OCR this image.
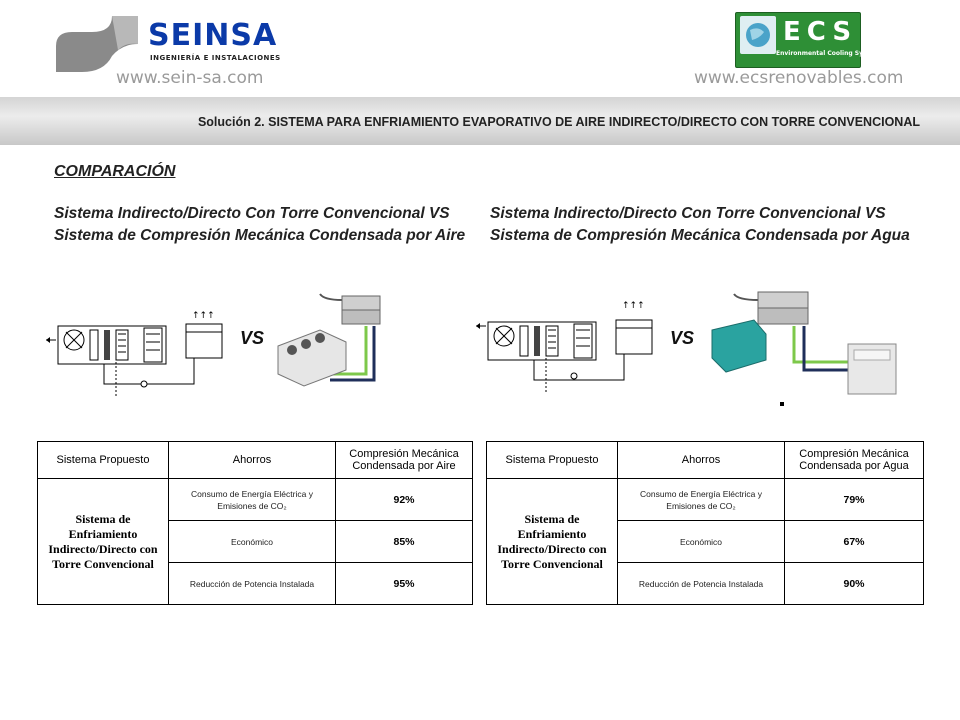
SEINSA
INGENIERÍA E INSTALACIONES
www.sein-sa.com
ECS
Environmental Cooling Systems
www.ecsrenovables.com
Solución 2. SISTEMA PARA ENFRIAMIENTO EVAPORATIVO DE AIRE INDIRECTO/DIRECTO CON TORRE CONVENCIONAL
COMPARACIÓN
Sistema Indirecto/Directo Con Torre Convencional VS Sistema de Compresión Mecánica Condensada por Aire
Sistema Indirecto/Directo Con Torre Convencional VS Sistema de Compresión Mecánica Condensada por Agua
↑↑↑
VS
↑↑↑
VS
Sistema Propuesto	Ahorros	Compresión Mecánica Condensada por Aire
Sistema de Enfriamiento Indirecto/Directo con Torre Convencional	Consumo de Energía Eléctrica y Emisiones de CO₂	92%
	Económico	85%
	Reducción de Potencia Instalada	95%
Sistema Propuesto	Ahorros	Compresión Mecánica Condensada por Agua
Sistema de Enfriamiento Indirecto/Directo con Torre Convencional	Consumo de Energía Eléctrica y Emisiones de CO₂	79%
	Económico	67%
	Reducción de Potencia Instalada	90%
